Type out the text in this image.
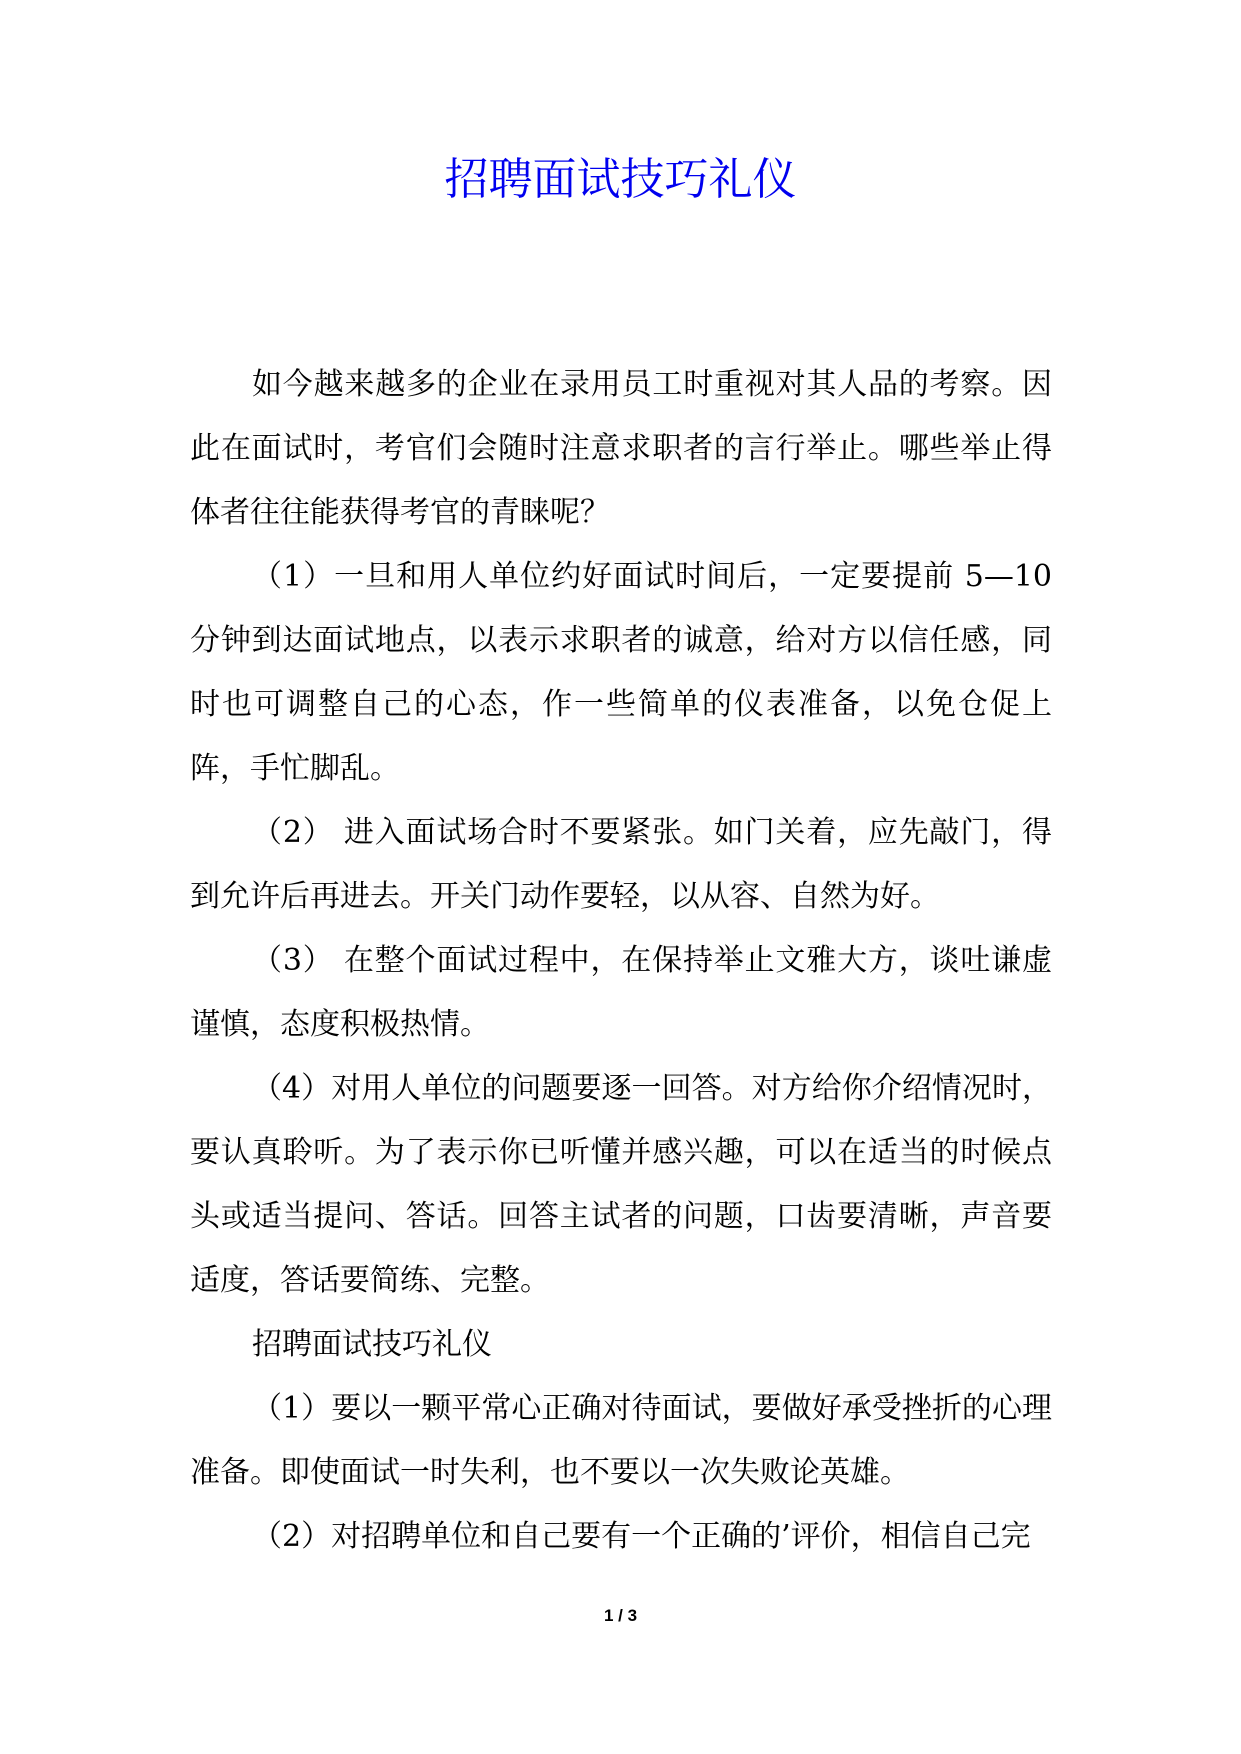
招聘面试技巧礼仪

如今越来越多的企业在录用员工时重视对其人品的考察。因此在面试时，考官们会随时注意求职者的言行举止。哪些举止得体者往往能获得考官的青睐呢？

（1）一旦和用人单位约好面试时间后，一定要提前 5—10 分钟到达面试地点，以表示求职者的诚意，给对方以信任感，同时也可调整自己的心态，作一些简单的仪表准备，以免仓促上阵，手忙脚乱。

（2） 进入面试场合时不要紧张。如门关着，应先敲门，得到允许后再进去。开关门动作要轻，以从容、自然为好。

（3） 在整个面试过程中，在保持举止文雅大方，谈吐谦虚谨慎，态度积极热情。

（4）对用人单位的问题要逐一回答。对方给你介绍情况时，要认真聆听。为了表示你已听懂并感兴趣，可以在适当的时候点头或适当提问、答话。回答主试者的问题，口齿要清晰，声音要适度，答话要简练、完整。

招聘面试技巧礼仪

（1）要以一颗平常心正确对待面试，要做好承受挫折的心理准备。即使面试一时失利，也不要以一次失败论英雄。

（2）对招聘单位和自己要有一个正确的’评价，相信自己完

1 / 3
